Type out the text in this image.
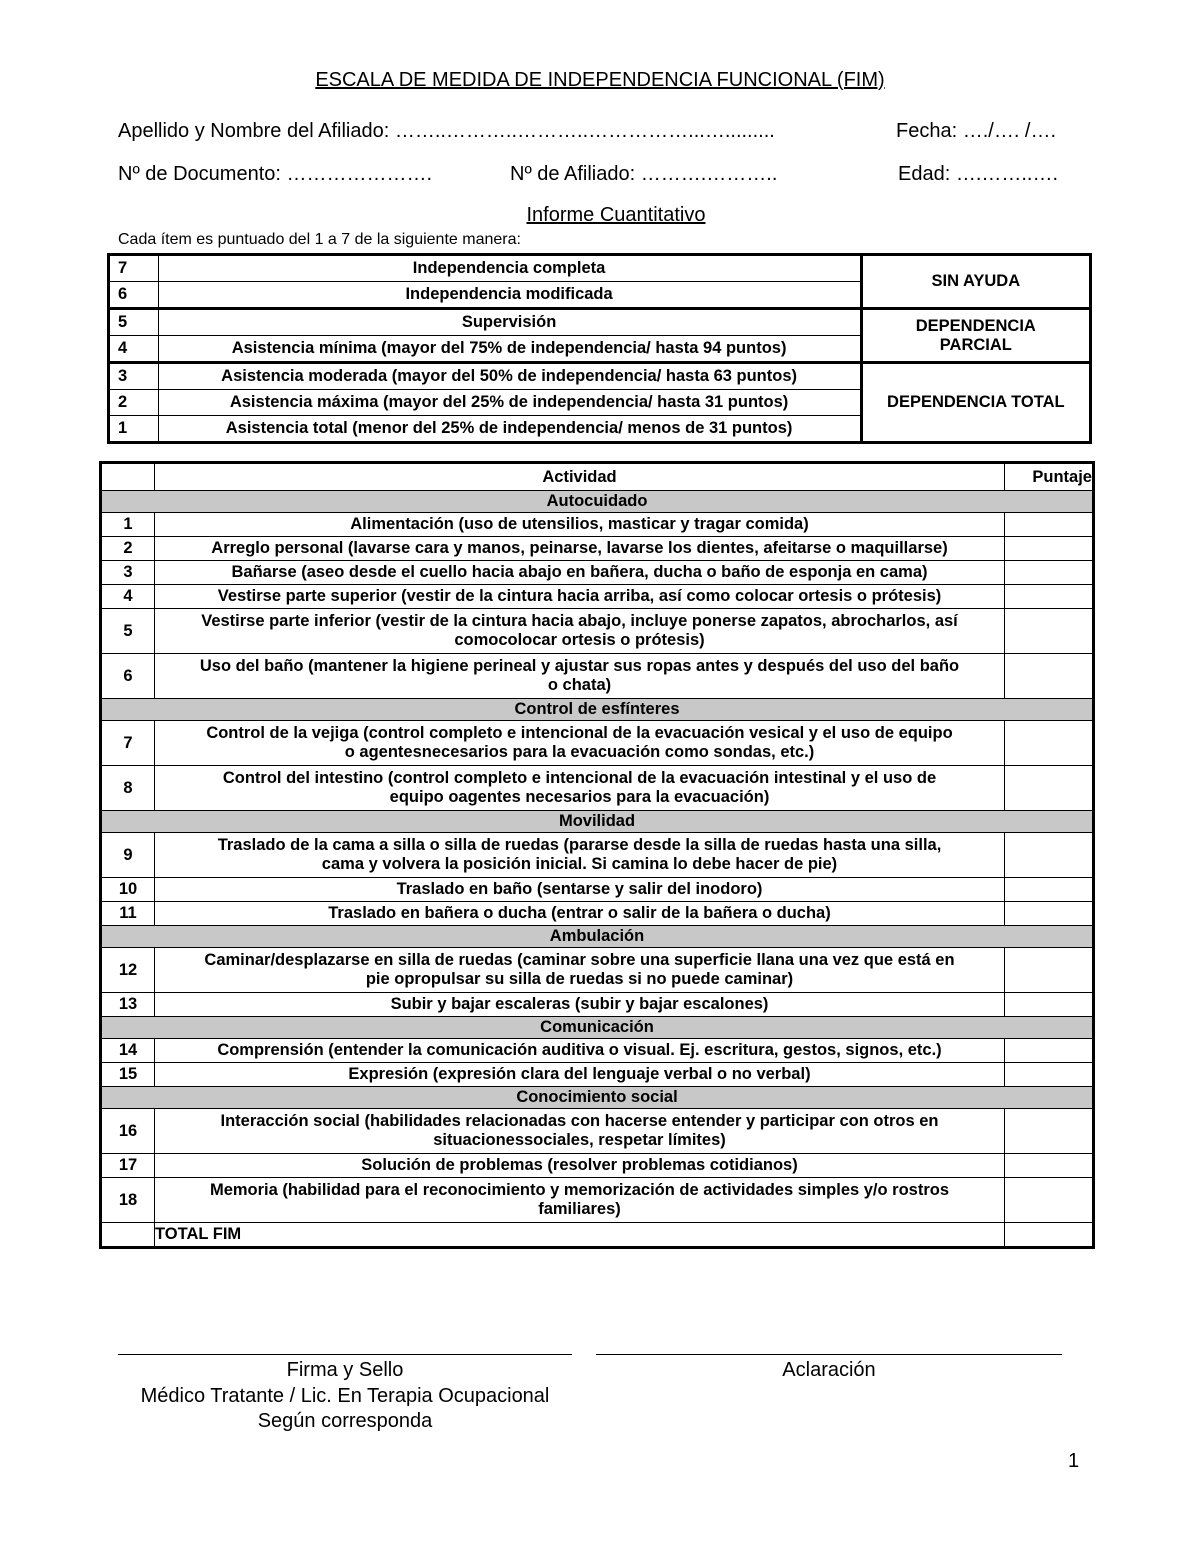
ESCALA DE MEDIDA DE INDEPENDENCIA FUNCIONAL (FIM)
Apellido y Nombre del Afiliado: ……..………..………..……………...….........	Fecha: …./…. /….
Nº de Documento: ………………….	Nº de Afiliado: ……….………..	Edad: ….……..….
Informe Cuantitativo
Cada ítem es puntuado del 1 a 7 de la siguiente manera:
7	Independencia completa	SIN AYUDA
6	Independencia modificada	
5	Supervisión	DEPENDENCIA
PARCIAL

4	Asistencia mínima (mayor del 75% de independencia/ hasta 94 puntos)	
3	Asistencia moderada (mayor del 50% de independencia/ hasta 63 puntos)	DEPENDENCIA TOTAL
2	Asistencia máxima (mayor del 25% de independencia/ hasta 31 puntos)	
1	Asistencia total (menor del 25% de independencia/ menos de 31 puntos)	
	Actividad	Puntaje
Autocuidado		
1	Alimentación (uso de utensilios, masticar y tragar comida)	

2	Arreglo personal (lavarse cara y manos, peinarse, lavarse los dientes, afeitarse o maquillarse)	

3	Bañarse (aseo desde el cuello hacia abajo en bañera, ducha o baño de esponja en cama)	

4	Vestirse parte superior (vestir de la cintura hacia arriba, así como colocar ortesis o prótesis)	

5	Vestirse parte inferior (vestir de la cintura hacia abajo, incluye ponerse zapatos, abrocharlos, así
comocolocar ortesis o prótesis)	

6	Uso del baño (mantener la higiene perineal y ajustar sus ropas antes y después del uso del baño
o chata)	

Control de esfínteres		
7	Control de la vejiga (control completo e intencional de la evacuación vesical y el uso de equipo
o agentesnecesarios para la evacuación como sondas, etc.)	

8	Control del intestino (control completo e intencional de la evacuación intestinal y el uso de
equipo oagentes necesarios para la evacuación)	

Movilidad		
9	Traslado de la cama a silla o silla de ruedas (pararse desde la silla de ruedas hasta una silla,
cama y volvera la posición inicial. Si camina lo debe hacer de pie)	

10	Traslado en baño (sentarse y salir del inodoro)	

11	Traslado en bañera o ducha (entrar o salir de la bañera o ducha)	

Ambulación		
12	Caminar/desplazarse en silla de ruedas (caminar sobre una superficie llana una vez que está en
pie opropulsar su silla de ruedas si no puede caminar)	

13	Subir y bajar escaleras (subir y bajar escalones)	

Comunicación		
14	Comprensión (entender la comunicación auditiva o visual. Ej. escritura, gestos, signos, etc.)	

15	Expresión (expresión clara del lenguaje verbal o no verbal)	

Conocimiento social		
16	Interacción social (habilidades relacionadas con hacerse entender y participar con otros en
situacionessociales, respetar límites)	

17	Solución de problemas (resolver problemas cotidianos)	

18	Memoria (habilidad para el reconocimiento y memorización de actividades simples y/o rostros
familiares)	

	TOTAL FIM	
Firma y Sello
Médico Tratante / Lic. En Terapia Ocupacional
Según corresponda
Aclaración
1
